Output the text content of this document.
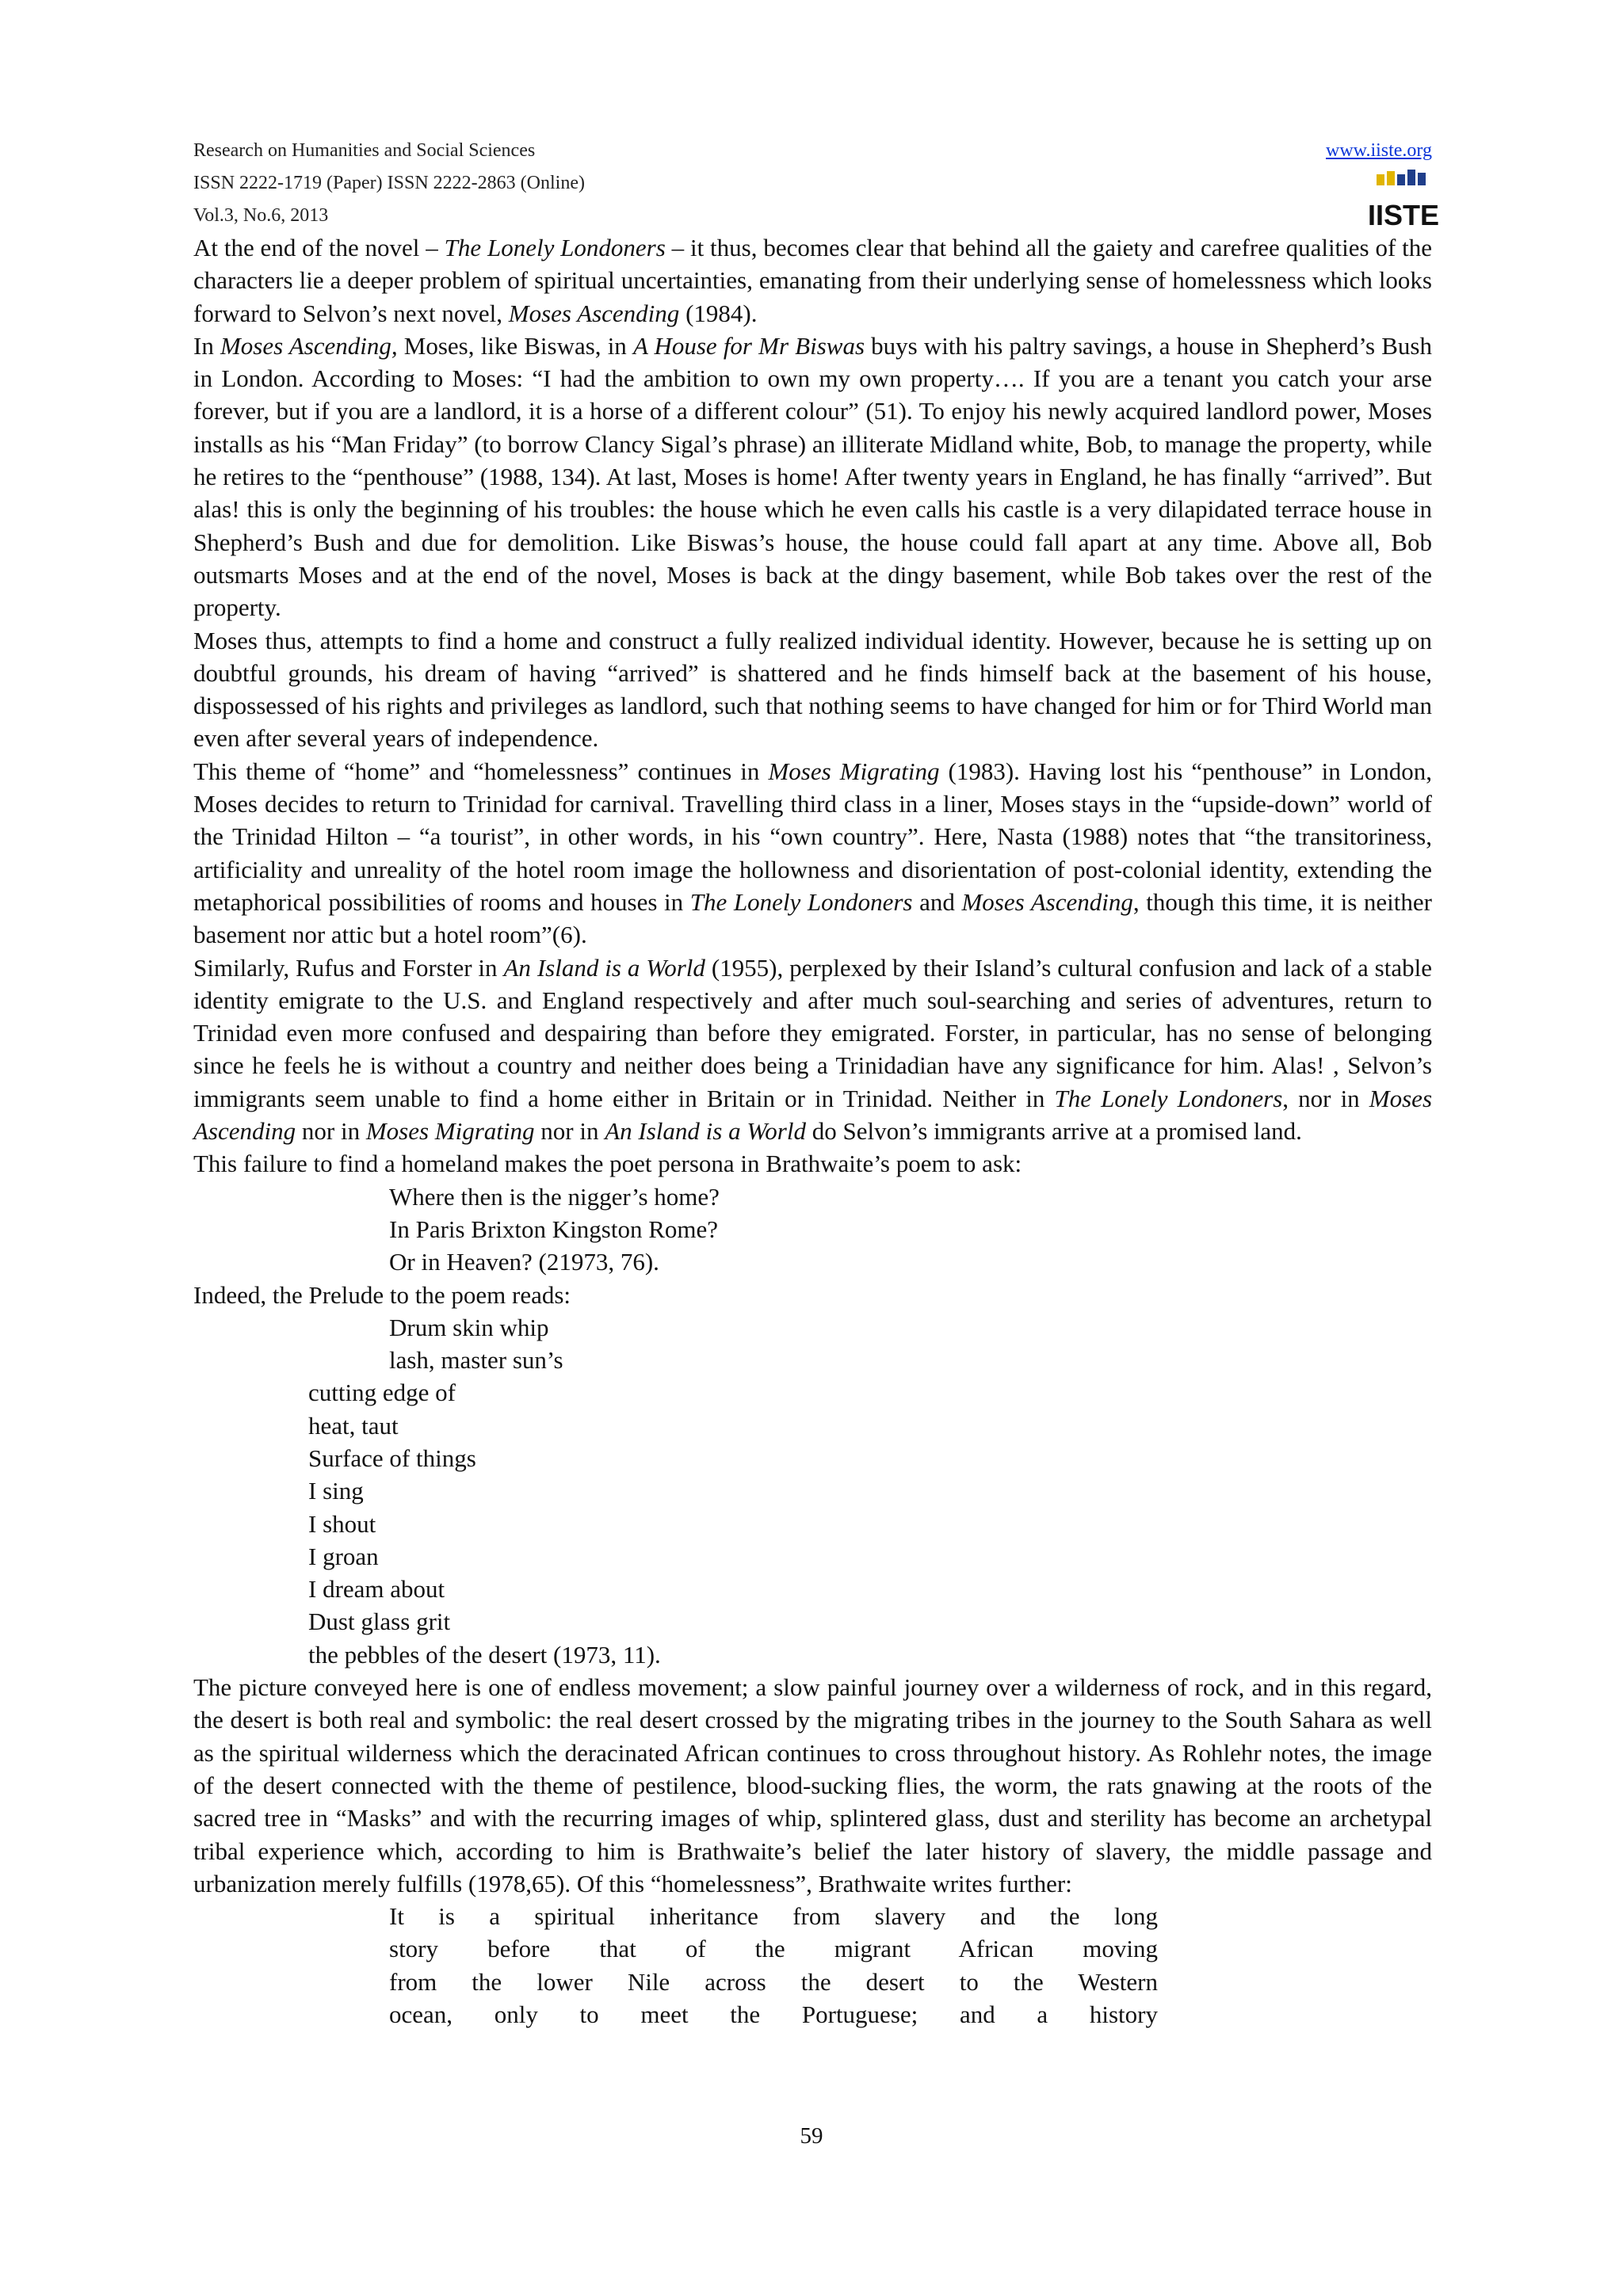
Research on Humanities and Social Sciences
ISSN 2222-1719 (Paper) ISSN 2222-2863 (Online)
Vol.3, No.6, 2013
www.iiste.org
IISTE

At the end of the novel – The Lonely Londoners – it thus, becomes clear that behind all the gaiety and carefree qualities of the characters lie a deeper problem of spiritual uncertainties, emanating from their underlying sense of homelessness which looks forward to Selvon’s next novel, Moses Ascending (1984).

In Moses Ascending, Moses, like Biswas, in A House for Mr Biswas buys with his paltry savings, a house in Shepherd’s Bush in London. According to Moses: “I had the ambition to own my own property…. If you are a tenant you catch your arse forever, but if you are a landlord, it is a horse of a different colour” (51). To enjoy his newly acquired landlord power, Moses installs as his “Man Friday” (to borrow Clancy Sigal’s phrase) an illiterate Midland white, Bob, to manage the property, while he retires to the “penthouse” (1988, 134). At last, Moses is home! After twenty years in England, he has finally “arrived”. But alas! this is only the beginning of his troubles: the house which he even calls his castle is a very dilapidated terrace house in Shepherd’s Bush and due for demolition. Like Biswas’s house, the house could fall apart at any time. Above all, Bob outsmarts Moses and at the end of the novel, Moses is back at the dingy basement, while Bob takes over the rest of the property.

Moses thus, attempts to find a home and construct a fully realized individual identity. However, because he is setting up on doubtful grounds, his dream of having “arrived” is shattered and he finds himself back at the basement of his house, dispossessed of his rights and privileges as landlord, such that nothing seems to have changed for him or for Third World man even after several years of independence.

This theme of “home” and “homelessness” continues in Moses Migrating (1983). Having lost his “penthouse” in London, Moses decides to return to Trinidad for carnival. Travelling third class in a liner, Moses stays in the “upside-down” world of the Trinidad Hilton – “a tourist”, in other words, in his “own country”. Here, Nasta (1988) notes that “the transitoriness, artificiality and unreality of the hotel room image the hollowness and disorientation of post-colonial identity, extending the metaphorical possibilities of rooms and houses in The Lonely Londoners and Moses Ascending, though this time, it is neither basement nor attic but a hotel room”(6).

Similarly, Rufus and Forster in An Island is a World (1955), perplexed by their Island’s cultural confusion and lack of a stable identity emigrate to the U.S. and England respectively and after much soul-searching and series of adventures, return to Trinidad even more confused and despairing than before they emigrated. Forster, in particular, has no sense of belonging since he feels he is without a country and neither does being a Trinidadian have any significance for him. Alas! , Selvon’s immigrants seem unable to find a home either in Britain or in Trinidad. Neither in The Lonely Londoners, nor in Moses Ascending nor in Moses Migrating nor in An Island is a World do Selvon’s immigrants arrive at a promised land.

This failure to find a homeland makes the poet persona in Brathwaite’s poem to ask:

Where then is the nigger’s home?
In Paris Brixton Kingston Rome?
Or in Heaven? (21973, 76).

Indeed, the Prelude to the poem reads:

Drum skin whip
lash, master sun’s
cutting edge of
heat, taut
Surface of things
I sing
I shout
I groan
I dream about
Dust glass grit
the pebbles of the desert (1973, 11).

The picture conveyed here is one of endless movement; a slow painful journey over a wilderness of rock, and in this regard, the desert is both real and symbolic: the real desert crossed by the migrating tribes in the journey to the South Sahara as well as the spiritual wilderness which the deracinated African continues to cross throughout history. As Rohlehr notes, the image of the desert connected with the theme of pestilence, blood-sucking flies, the worm, the rats gnawing at the roots of the sacred tree in “Masks” and with the recurring images of whip, splintered glass, dust and sterility has become an archetypal tribal experience which, according to him is Brathwaite’s belief the later history of slavery, the middle passage and urbanization merely fulfills (1978,65). Of this “homelessness”, Brathwaite writes further:

It is a spiritual inheritance from slavery and the long
story before that of the migrant African moving
from the lower Nile across the desert to the Western
ocean, only to meet the Portuguese; and a history
59
